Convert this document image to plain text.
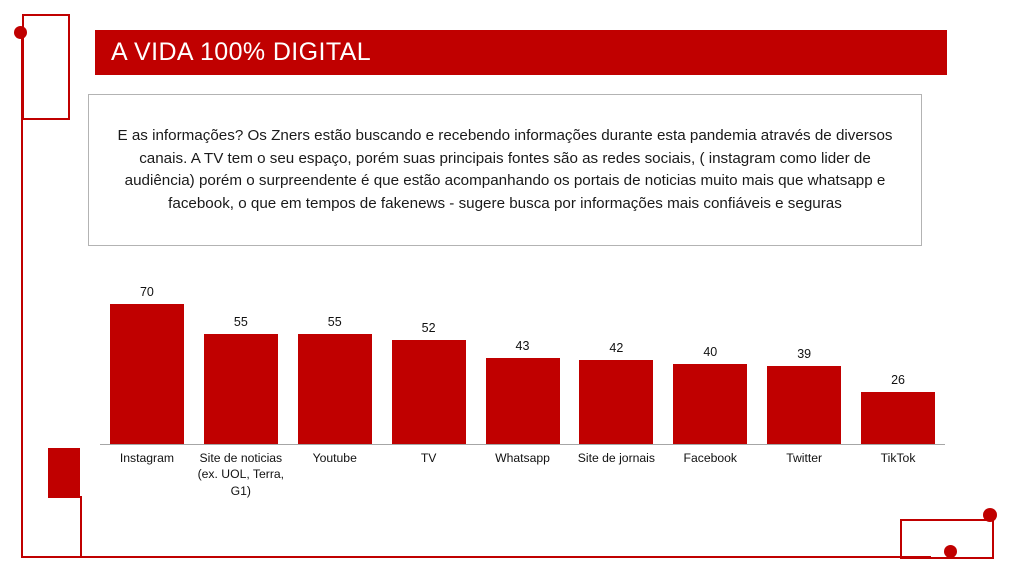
A VIDA 100% DIGITAL

E as informações? Os Zners estão buscando e recebendo informações durante esta pandemia através de diversos canais. A TV tem o seu espaço, porém suas principais fontes são as redes sociais, ( instagram como lider de audiência) porém o surpreendente é que estão acompanhando os portais de noticias muito mais que whatsapp e facebook, o que em tempos de fakenews - sugere busca por informações mais confiáveis e seguras

70
55	55	52
43	42	40	39
26
Instagram	Site de noticias
(ex. UOL, Terra,
G1)
Youtube	TV	Whatsapp	Site de jornais	Facebook	Twitter	TikTok
